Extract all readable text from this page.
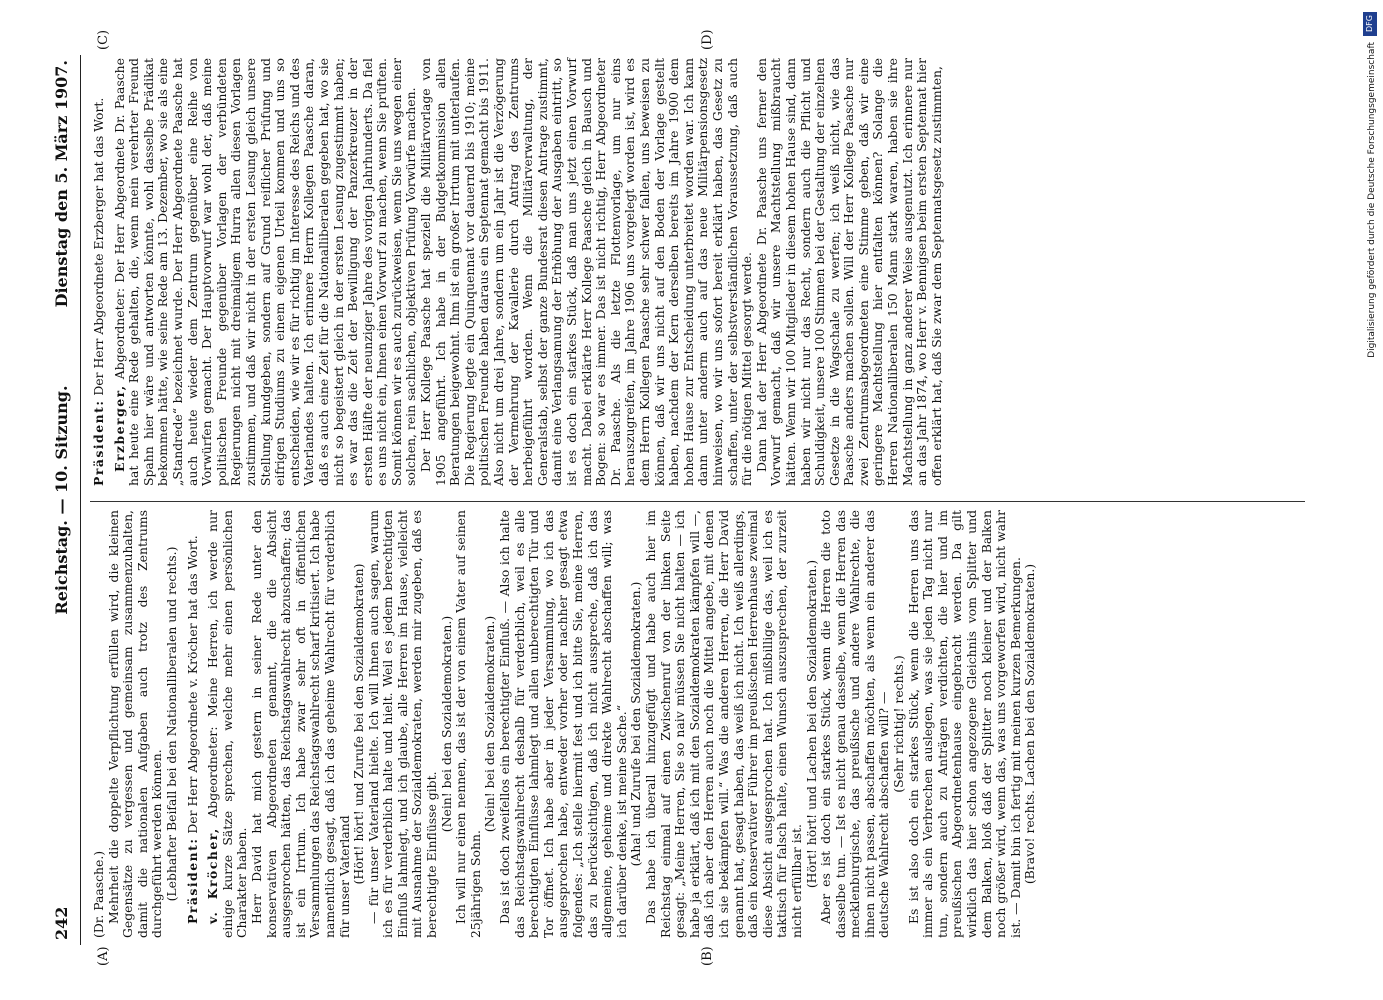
DFG
Digitalisierung gefördert durch die Deutsche Forschungsgemeinschaft
242
Reichstag. — 10. Sitzung.
Dienstag den 5. März 1907.
(A)	(B)
(C)	(D)

(Dr. Paasche.) Mehrheit die doppelte Verpflichtung erfüllen wird, die kleinen Gegensätze zu vergessen und gemeinsam zusammenzuhalten, damit die nationalen Aufgaben auch trotz des Zentrums durchgeführt werden können. (Lebhafter Beifall bei den Nationalliberalen und rechts.) Präsident: Der Herr Abgeordnete v. Kröcher hat das Wort.

v. Kröcher, Abgeordneter: Meine Herren, ich werde nur einige kurze Sätze sprechen, welche mehr einen persönlichen Charakter haben. Herr David hat mich gestern in seiner Rede unter den konservativen Abgeordneten genannt, die die Absicht ausgesprochen hätten, das Reichstagswahlrecht abzuschaffen; das ist ein Irrtum. Ich habe zwar sehr oft in öffentlichen Versammlungen das Reichstagswahlrecht scharf kritisiert. Ich habe namentlich gesagt, daß ich das geheime Wahlrecht für verderblich für unser Vaterland (Hört! hört! und Zurufe bei den Sozialdemokraten) — für unser Vaterland hielte. Ich will Ihnen auch sagen, warum ich es für verderblich halte und hielt. Weil es jedem berechtigten Einfluß lahmlegt, und ich glaube, alle Herren im Hause, vielleicht mit Ausnahme der Sozialdemokraten, werden mir zugeben, daß es berechtigte Einflüsse gibt.

(Nein! bei den Sozialdemokraten.) Ich will nur einen nennen, das ist der von einem Vater auf seinen 25jährigen Sohn.

(Nein! bei den Sozialdemokraten.) Das ist doch zweifellos ein berechtigter Einfluß. — Also ich halte das Reichstagswahlrecht deshalb für verderblich, weil es alle berechtigten Einflüsse lahmlegt und allen unberechtigten Tür und Tor öffnet. Ich habe aber in jeder Versammlung, wo ich das ausgesprochen habe, entweder vorher oder nachher gesagt etwa folgendes: „Ich stelle hiermit fest und ich bitte Sie, meine Herren, das zu berücksichtigen, daß ich nicht ausspreche, daß ich das allgemeine, geheime und direkte Wahlrecht abschaffen will; was ich darüber denke, ist meine Sache.“ (Aha! und Zurufe bei den Sozialdemokraten.) Das habe ich überall hinzugefügt und habe auch hier im Reichstag einmal auf einen Zwischenruf von der linken Seite gesagt: „Meine Herren, Sie so naiv müssen Sie nicht halten — ich habe ja erklärt, daß ich mit den Sozialdemokraten kämpfen will —, daß ich aber den Herren auch noch die Mittel angebe, mit denen ich sie bekämpfen will.“ Was die anderen Herren, die Herr David genannt hat, gesagt haben, das weiß ich nicht. Ich weiß allerdings, daß ein konservativer Führer im preußischen Herrenhause zweimal diese Absicht ausgesprochen hat. Ich mißbillige das, weil ich es taktisch für falsch halte, einen Wunsch auszusprechen, der zurzeit nicht erfüllbar ist. (Hört! hört! und Lachen bei den Sozialdemokraten.) Aber es ist doch ein starkes Stück, wenn die Herren die toto dasselbe tun. — Ist es nicht genau dasselbe, wenn die Herren das mecklenburgische, das preußische und andere Wahlrechte, die ihnen nicht passen, abschaffen möchten, als wenn ein anderer das deutsche Wahlrecht abschaffen will? — (Sehr richtig! rechts.) Es ist also doch ein starkes Stück, wenn die Herren uns das immer als ein Verbrechen auslegen, was sie jeden Tag nicht nur tun, sondern auch zu Anträgen verdichten, die hier und im preußischen Abgeordnetenhause eingebracht werden. Da gilt wirklich das hier schon angezogene Gleichnis vom Splitter und dem Balken, bloß daß der Splitter noch kleiner und der Balken noch größer wird, wenn das, was uns vorgeworfen wird, nicht wahr ist. — Damit bin ich fertig mit meinen kurzen Bemerkungen. (Bravo! rechts. Lachen bei den Sozialdemokraten.)

Präsident: Der Herr Abgeordnete Erzberger hat das Wort.

Erzberger, Abgeordneter: Der Herr Abgeordnete Dr. Paasche hat heute eine Rede gehalten, die, wenn mein verehrter Freund Spahn hier wäre und antworten könnte, wohl dasselbe Prädikat bekommen hätte, wie seine Rede am 13. Dezember, wo sie als eine „Standrede“ bezeichnet wurde. Der Herr Abgeordnete Paasche hat auch heute wieder dem Zentrum gegenüber eine Reihe von Vorwürfen gemacht. Der Hauptvorwurf war wohl der, daß meine politischen Freunde gegenüber Vorlagen der verbündeten Regierungen nicht mit dreimaligem Hurra allen diesen Vorlagen zustimmen, und daß wir nicht in der ersten Lesung gleich unsere Stellung kundgeben, sondern auf Grund reiflicher Prüfung und eifrigen Studiums zu einem eigenen Urteil kommen und uns so entscheiden, wie wir es für richtig im Interesse des Reichs und des Vaterlandes halten. Ich erinnere Herrn Kollegen Paasche daran, daß es auch eine Zeit für die Nationalliberalen gegeben hat, wo sie nicht so begeistert gleich in der ersten Lesung zugestimmt haben; es war das die Zeit der Bewilligung der Panzerkreuzer in der ersten Hälfte der neunziger Jahre des vorigen Jahrhunderts. Da fiel es uns nicht ein, Ihnen einen Vorwurf zu machen, wenn Sie prüften. Somit können wir es auch zurückweisen, wenn Sie uns wegen einer solchen, rein sachlichen, objektiven Prüfung Vorwürfe machen. Der Herr Kollege Paasche hat speziell die Militärvorlage von 1905 angeführt. Ich habe in der Budgetkommission allen Beratungen beigewohnt. Ihm ist ein großer Irrtum mit unterlaufen. Die Regierung legte ein Quinquennat vor dauernd bis 1910; meine politischen Freunde haben daraus ein Septennat gemacht bis 1911. Also nicht um drei Jahre, sondern um ein Jahr ist die Verzögerung der Vermehrung der Kavallerie durch Antrag des Zentrums herbeigeführt worden. Wenn die Militärverwaltung, der Generalstab, selbst der ganze Bundesrat diesen Antrage zustimmt, damit eine Verlangsamung der Erhöhung der Ausgaben eintritt, so ist es doch ein starkes Stück, daß man uns jetzt einen Vorwurf macht. Dabei erklärte Herr Kollege Paasche gleich in Bausch und Bogen: so war es immer. Das ist nicht richtig, Herr Abgeordneter Dr. Paasche. Als die letzte Flottenvorlage, um nur eins herauszugreifen, im Jahre 1906 uns vorgelegt worden ist, wird es dem Herrn Kollegen Paasche sehr schwer fallen, uns beweisen zu können, daß wir uns nicht auf den Boden der Vorlage gestellt haben, nachdem der Kern derselben bereits im Jahre 1900 dem hohen Hause zur Entscheidung unterbreitet worden war. Ich kann dann unter anderm auch auf das neue Militärpensionsgesetz hinweisen, wo wir uns sofort bereit erklärt haben, das Gesetz zu schaffen, unter der selbstverständlichen Voraussetzung, daß auch für die nötigen Mittel gesorgt werde. Dann hat der Herr Abgeordnete Dr. Paasche uns ferner den Vorwurf gemacht, daß wir unsere Machtstellung mißbraucht hätten. Wenn wir 100 Mitglieder in diesem hohen Hause sind, dann haben wir nicht nur das Recht, sondern auch die Pflicht und Schuldigkeit, unsere 100 Stimmen bei der Gestaltung der einzelnen Gesetze in die Wagschale zu werfen; ich weiß nicht, wie das Paasche anders machen sollen. Will der Herr Kollege Paasche nur zwei Zentrumsabgeordneten eine Stimme geben, daß wir eine geringere Machtstellung hier entfalten können? Solange die Herren Nationalliberalen 150 Mann stark waren, haben sie ihre Machtstellung in ganz anderer Weise ausgenutzt. Ich erinnere nur an das Jahr 1874, wo Herr v. Bennigsen beim ersten Septennat hier offen erklärt hat, daß Sie zwar dem Septennatsgesetz zustimmten,
